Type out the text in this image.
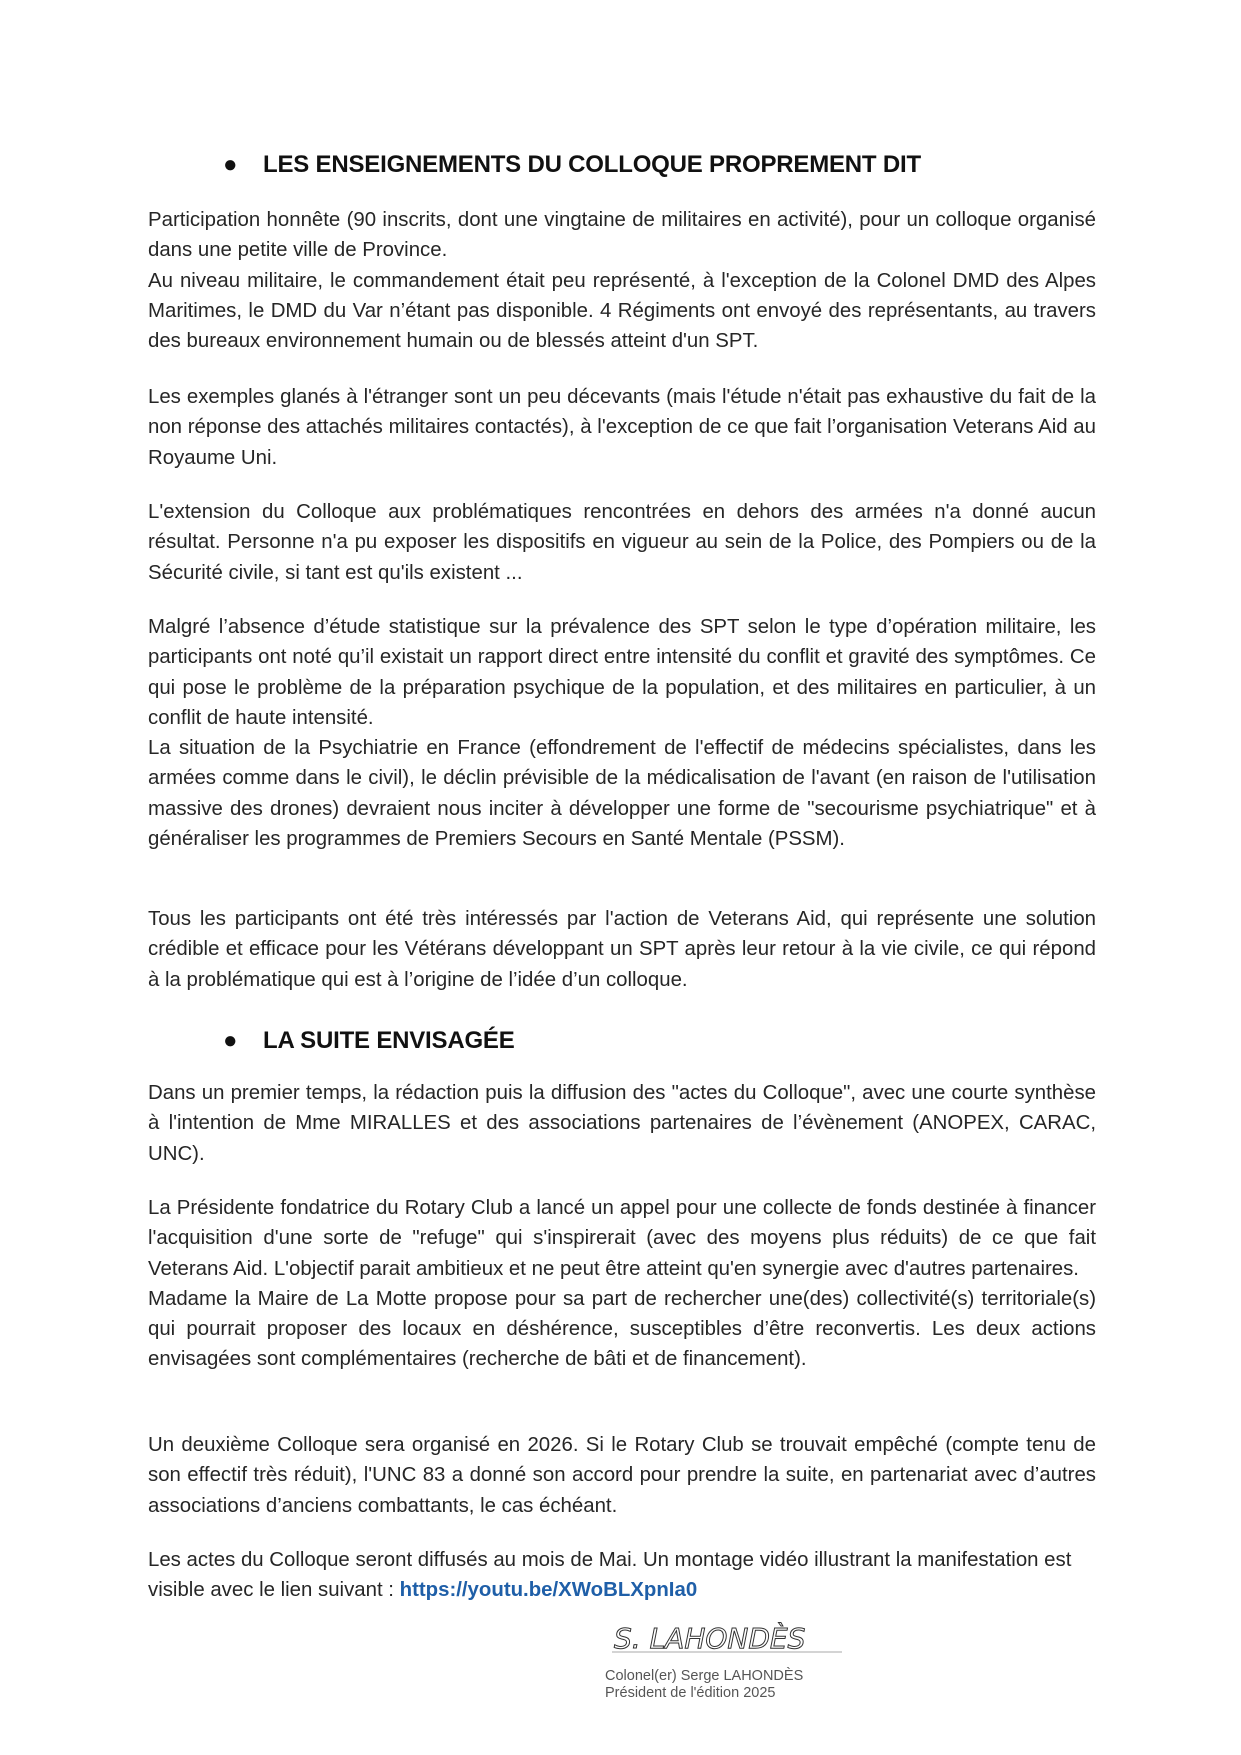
● LES ENSEIGNEMENTS DU COLLOQUE PROPREMENT DIT

Participation honnête (90 inscrits, dont une vingtaine de militaires en activité), pour un colloque organisé dans une petite ville de Province.

Au niveau militaire, le commandement était peu représenté, à l'exception de la Colonel DMD des Alpes Maritimes, le DMD du Var n’étant pas disponible. 4 Régiments ont envoyé des représentants, au travers des bureaux environnement humain ou de blessés atteint d'un SPT.

Les exemples glanés à l'étranger sont un peu décevants (mais l'étude n'était pas exhaustive du fait de la non réponse des attachés militaires contactés), à l'exception de ce que fait l’organisation Veterans Aid au Royaume Uni.

L'extension du Colloque aux problématiques rencontrées en dehors des armées n'a donné aucun résultat. Personne n'a pu exposer les dispositifs en vigueur au sein de la Police, des Pompiers ou de la Sécurité civile, si tant est qu'ils existent ...

Malgré l’absence d’étude statistique sur la prévalence des SPT selon le type d’opération militaire, les participants ont noté qu’il existait un rapport direct entre intensité du conflit et gravité des symptômes. Ce qui pose le problème de la préparation psychique de la population, et des militaires en particulier, à un conflit de haute intensité.

La situation de la Psychiatrie en France (effondrement de l'effectif de médecins spécialistes, dans les armées comme dans le civil), le déclin prévisible de la médicalisation de l'avant (en raison de l'utilisation massive des drones) devraient nous inciter à développer une forme de "secourisme psychiatrique" et à généraliser les programmes de Premiers Secours en Santé Mentale (PSSM).

Tous les participants ont été très intéressés par l'action de Veterans Aid, qui représente une solution crédible et efficace pour les Vétérans développant un SPT après leur retour à la vie civile, ce qui répond à la problématique qui est à l’origine de l’idée d’un colloque.

● LA SUITE ENVISAGÉE

Dans un premier temps, la rédaction puis la diffusion des "actes du Colloque", avec une courte synthèse à l'intention de Mme MIRALLES et des associations partenaires de l’évènement (ANOPEX, CARAC, UNC).

La Présidente fondatrice du Rotary Club a lancé un appel pour une collecte de fonds destinée à financer l'acquisition d'une sorte de "refuge" qui s'inspirerait (avec des moyens plus réduits) de ce que fait Veterans Aid. L'objectif parait ambitieux et ne peut être atteint qu'en synergie avec d'autres partenaires.

Madame la Maire de La Motte propose pour sa part de rechercher une(des) collectivité(s) territoriale(s) qui pourrait proposer des locaux en déshérence, susceptibles d’être reconvertis. Les deux actions envisagées sont complémentaires (recherche de bâti et de financement).

Un deuxième Colloque sera organisé en 2026. Si le Rotary Club se trouvait empêché (compte tenu de son effectif très réduit), l'UNC 83 a donné son accord pour prendre la suite, en partenariat avec d’autres associations d’anciens combattants, le cas échéant.

Les actes du Colloque seront diffusés au mois de Mai. Un montage vidéo illustrant la manifestation est visible avec le lien suivant : https://youtu.be/XWoBLXpnIa0

S. LAHONDÈS

Colonel(er) Serge LAHONDÈS

Président de l'édition 2025
